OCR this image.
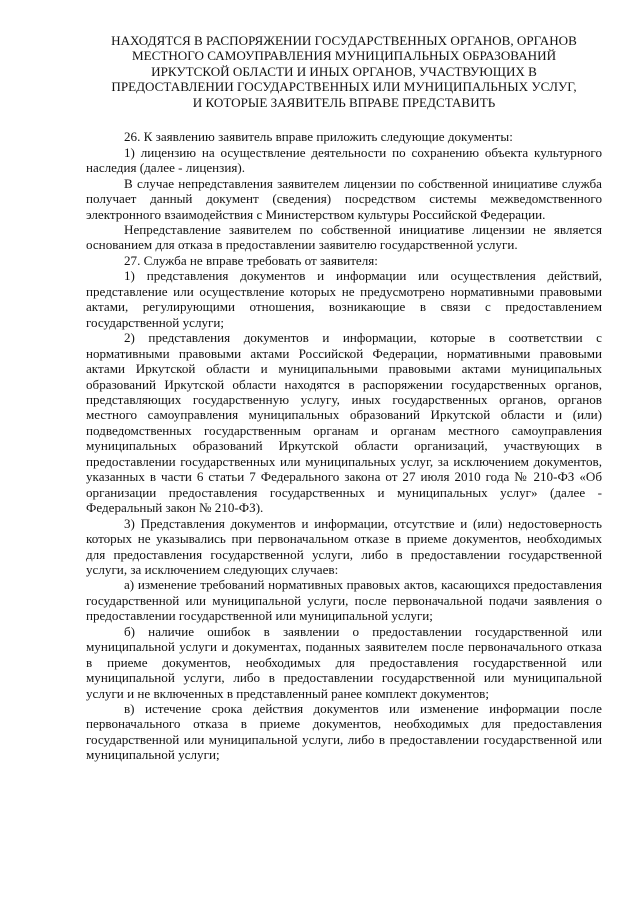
НАХОДЯТСЯ В РАСПОРЯЖЕНИИ ГОСУДАРСТВЕННЫХ ОРГАНОВ, ОРГАНОВ
МЕСТНОГО САМОУПРАВЛЕНИЯ МУНИЦИПАЛЬНЫХ ОБРАЗОВАНИЙ
ИРКУТСКОЙ ОБЛАСТИ И ИНЫХ ОРГАНОВ, УЧАСТВУЮЩИХ В
ПРЕДОСТАВЛЕНИИ ГОСУДАРСТВЕННЫХ ИЛИ МУНИЦИПАЛЬНЫХ УСЛУГ,
И КОТОРЫЕ ЗАЯВИТЕЛЬ ВПРАВЕ ПРЕДСТАВИТЬ

26. К заявлению заявитель вправе приложить следующие документы:

1) лицензию на осуществление деятельности по сохранению объекта культурного наследия (далее - лицензия).

В случае непредставления заявителем лицензии по собственной инициативе служба получает данный документ (сведения) посредством системы межведомственного электронного взаимодействия с Министерством культуры Российской Федерации.

Непредставление заявителем по собственной инициативе лицензии не является основанием для отказа в предоставлении заявителю государственной услуги.

27. Служба не вправе требовать от заявителя:

1) представления документов и информации или осуществления действий, представление или осуществление которых не предусмотрено нормативными правовыми актами, регулирующими отношения, возникающие в связи с предоставлением государственной услуги;

2) представления документов и информации, которые в соответствии с нормативными правовыми актами Российской Федерации, нормативными правовыми актами Иркутской области и муниципальными правовыми актами муниципальных образований Иркутской области находятся в распоряжении государственных органов, представляющих государственную услугу, иных государственных органов, органов местного самоуправления муниципальных образований Иркутской области и (или) подведомственных государственным органам и органам местного самоуправления муниципальных образований Иркутской области организаций, участвующих в предоставлении государственных или муниципальных услуг, за исключением документов, указанных в части 6 статьи 7 Федерального закона от 27 июля 2010 года № 210-ФЗ «Об организации предоставления государственных и муниципальных услуг» (далее - Федеральный закон № 210-ФЗ).

3) Представления документов и информации, отсутствие и (или) недостоверность которых не указывались при первоначальном отказе в приеме документов, необходимых для предоставления государственной услуги, либо в предоставлении государственной услуги, за исключением следующих случаев:

а) изменение требований нормативных правовых актов, касающихся предоставления государственной или муниципальной услуги, после первоначальной подачи заявления о предоставлении государственной или муниципальной услуги;

б) наличие ошибок в заявлении о предоставлении государственной или муниципальной услуги и документах, поданных заявителем после первоначального отказа в приеме документов, необходимых для предоставления государственной или муниципальной услуги, либо в предоставлении государственной или муниципальной услуги и не включенных в представленный ранее комплект документов;

в) истечение срока действия документов или изменение информации после первоначального отказа в приеме документов, необходимых для предоставления государственной или муниципальной услуги, либо в предоставлении государственной или муниципальной услуги;
